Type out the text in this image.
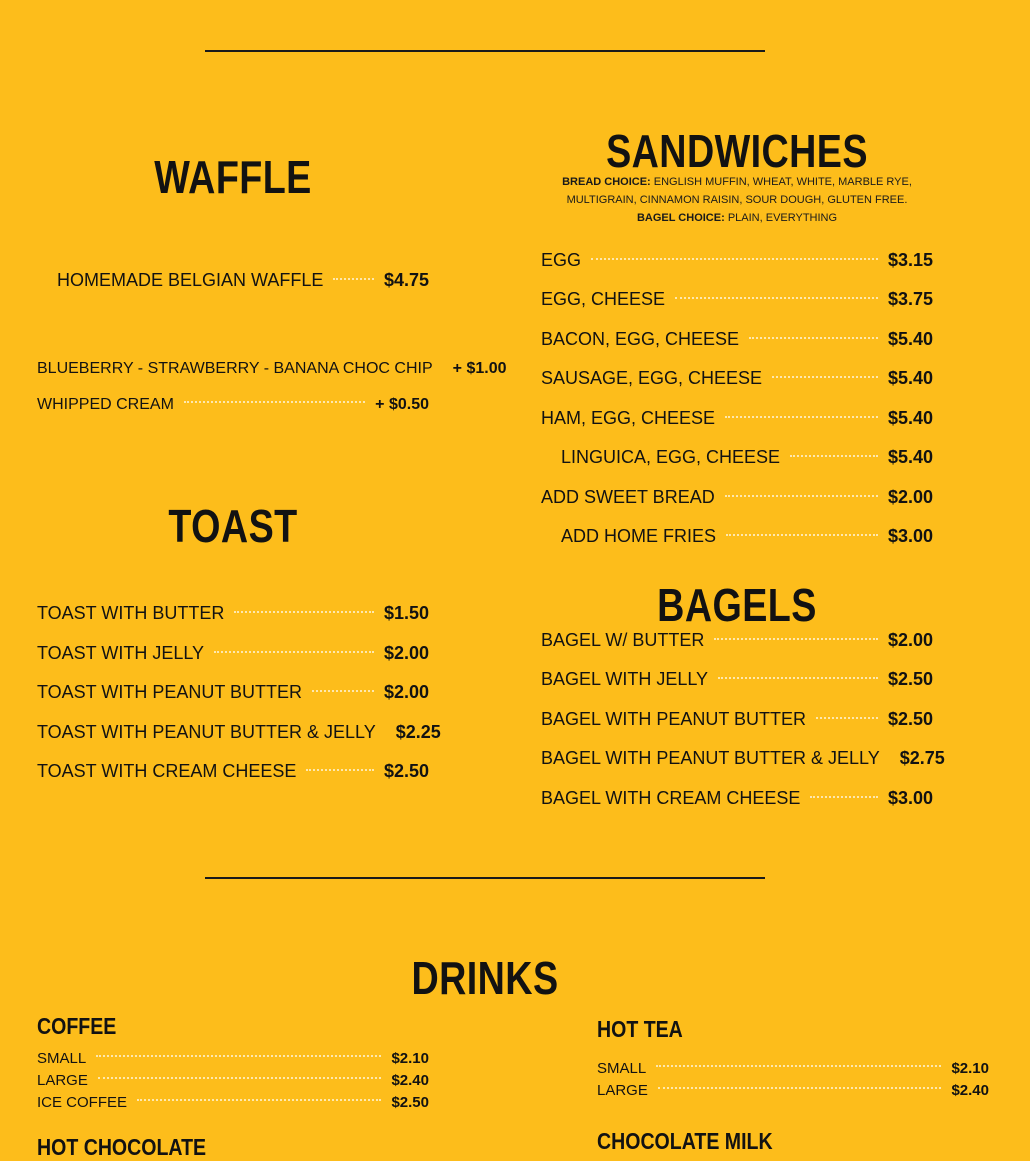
WAFFLE
HOMEMADE BELGIAN WAFFLE	$4.75
BLUEBERRY - STRAWBERRY - BANANA CHOC CHIP + $1.00
WHIPPED CREAM	+ $0.50
TOAST
TOAST WITH BUTTER	$1.50
TOAST WITH JELLY	$2.00
TOAST WITH PEANUT BUTTER	$2.00
TOAST WITH PEANUT BUTTER & JELLY $2.25
TOAST WITH CREAM CHEESE	$2.50
SANDWICHES
BREAD CHOICE: ENGLISH MUFFIN, WHEAT, WHITE, MARBLE RYE,
MULTIGRAIN, CINNAMON RAISIN, SOUR DOUGH, GLUTEN FREE.
BAGEL CHOICE: PLAIN, EVERYTHING
EGG	$3.15
EGG, CHEESE	$3.75
BACON, EGG, CHEESE	$5.40
SAUSAGE, EGG, CHEESE	$5.40
HAM, EGG, CHEESE	$5.40
LINGUICA, EGG, CHEESE	$5.40
ADD SWEET BREAD	$2.00
ADD HOME FRIES	$3.00
BAGELS
BAGEL W/ BUTTER	$2.00
BAGEL WITH JELLY	$2.50
BAGEL WITH PEANUT BUTTER	$2.50
BAGEL WITH PEANUT BUTTER & JELLY $2.75
BAGEL WITH CREAM CHEESE	$3.00
DRINKS
COFFEE
SMALL	$2.10
LARGE	$2.40
ICE COFFEE	$2.50
HOT CHOCOLATE
HOT TEA
SMALL	$2.10
LARGE	$2.40
CHOCOLATE MILK
